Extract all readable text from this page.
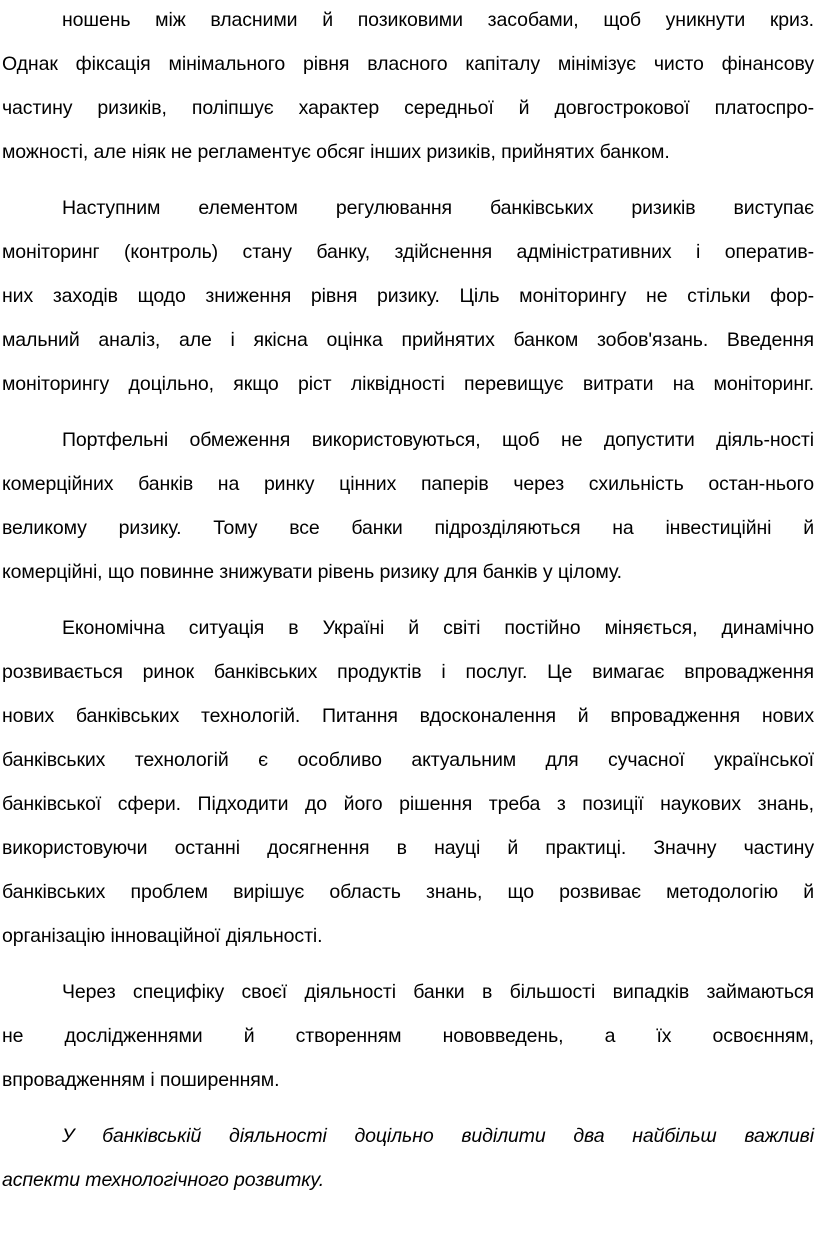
ношень між власними й позиковими засобами, щоб уникнути криз.
Однак фіксація мінімального рівня власного капіталу мінімізує чисто фінансову
частину ризиків, поліпшує характер середньої й довгострокової платоспро-
можності, але ніяк не регламентує обсяг інших ризиків, прийнятих банком.
Наступним елементом регулювання банківських ризиків виступає
моніторинг (контроль) стану банку, здійснення адміністративних і оператив-
них заходів щодо зниження рівня ризику. Ціль моніторингу не стільки фор-
мальний аналіз, але і якісна оцінка прийнятих банком зобов'язань. Введення
моніторингу доцільно, якщо ріст ліквідності перевищує витрати на моніторинг.
Портфельні обмеження використовуються, щоб не допустити діяль-ності
комерційних банків на ринку цінних паперів через схильність остан-нього
великому ризику. Тому все банки підрозділяються на інвестиційні й
комерційні, що повинне знижувати рівень ризику для банків у цілому.
Економічна ситуація в Україні й світі постійно міняється, динамічно
розвивається ринок банківських продуктів і послуг. Це вимагає впровадження
нових банківських технологій. Питання вдосконалення й впровадження нових
банківських технологій є особливо актуальним для сучасної української
банківської сфери. Підходити до його рішення треба з позиції наукових знань,
використовуючи останні досягнення в науці й практиці. Значну частину
банківських проблем вирішує область знань, що розвиває методологію й
організацію інноваційної діяльності.
Через специфіку своєї діяльності банки в більшості випадків займаються
не дослідженнями й створенням нововведень, а їх освоєнням,
впровадженням і поширенням.
У банківській діяльності доцільно виділити два найбільш важливі
аспекти технологічного розвитку.
